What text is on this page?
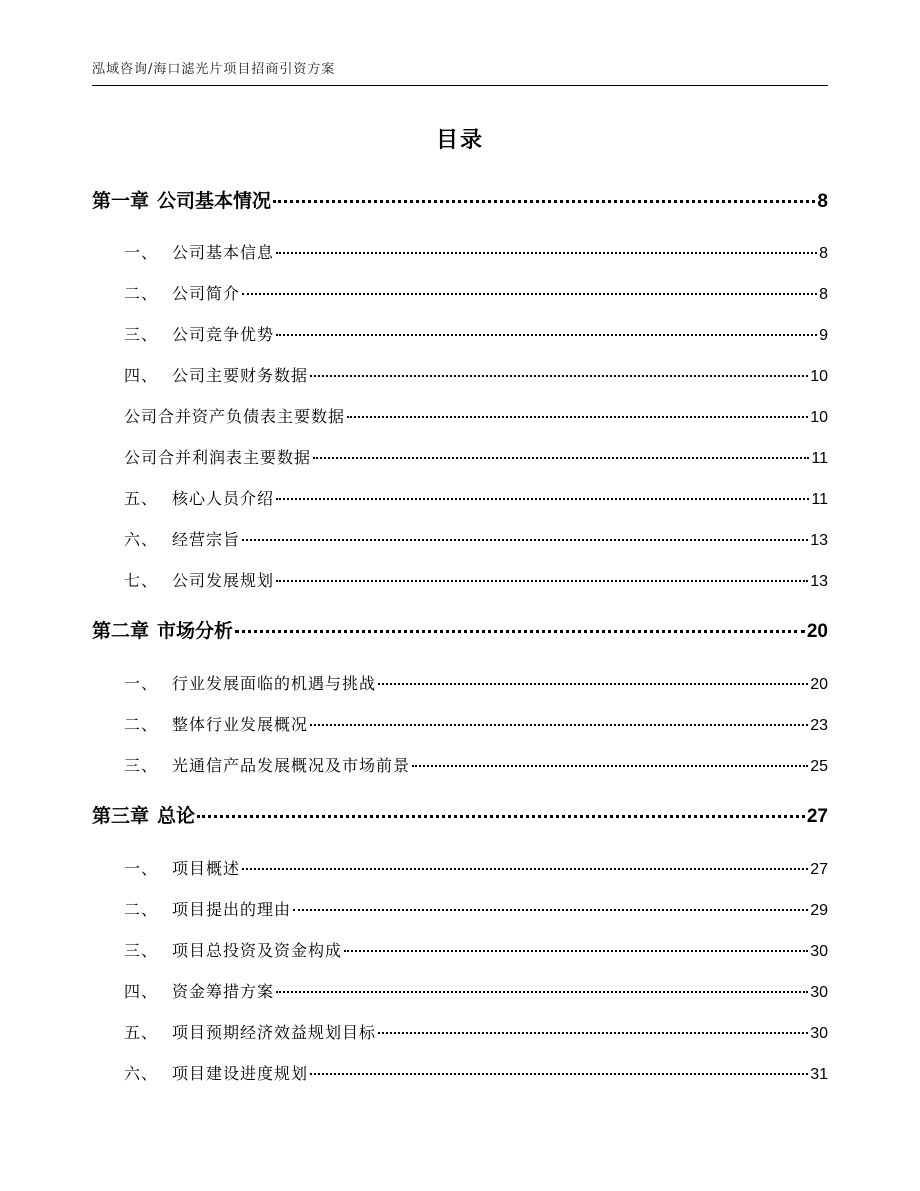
泓域咨询/海口滤光片项目招商引资方案
目录
第一章 公司基本情况	8
一、 公司基本信息	8
二、 公司简介	8
三、 公司竞争优势	9
四、 公司主要财务数据	10
公司合并资产负债表主要数据	10
公司合并利润表主要数据	11
五、 核心人员介绍	11
六、 经营宗旨	13
七、 公司发展规划	13
第二章 市场分析	20
一、 行业发展面临的机遇与挑战	20
二、 整体行业发展概况	23
三、 光通信产品发展概况及市场前景	25
第三章 总论	27
一、 项目概述	27
二、 项目提出的理由	29
三、 项目总投资及资金构成	30
四、 资金筹措方案	30
五、 项目预期经济效益规划目标	30
六、 项目建设进度规划	31
